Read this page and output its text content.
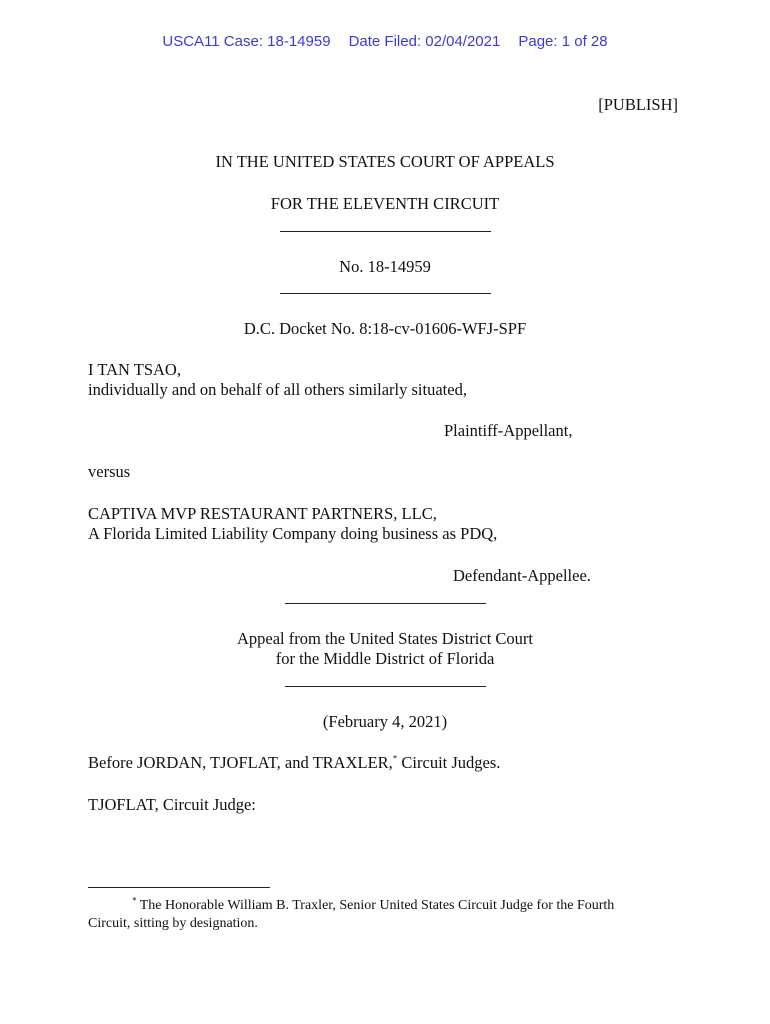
USCA11 Case: 18-14959 Date Filed: 02/04/2021 Page: 1 of 28
[PUBLISH]
IN THE UNITED STATES COURT OF APPEALS
FOR THE ELEVENTH CIRCUIT
No. 18-14959
D.C. Docket No. 8:18-cv-01606-WFJ-SPF
I TAN TSAO,
individually and on behalf of all others similarly situated,
Plaintiff-Appellant,
versus
CAPTIVA MVP RESTAURANT PARTNERS, LLC,
A Florida Limited Liability Company doing business as PDQ,
Defendant-Appellee.
Appeal from the United States District Court
for the Middle District of Florida
(February 4, 2021)
Before JORDAN, TJOFLAT, and TRAXLER,* Circuit Judges.
TJOFLAT, Circuit Judge:
* The Honorable William B. Traxler, Senior United States Circuit Judge for the Fourth
Circuit, sitting by designation.
